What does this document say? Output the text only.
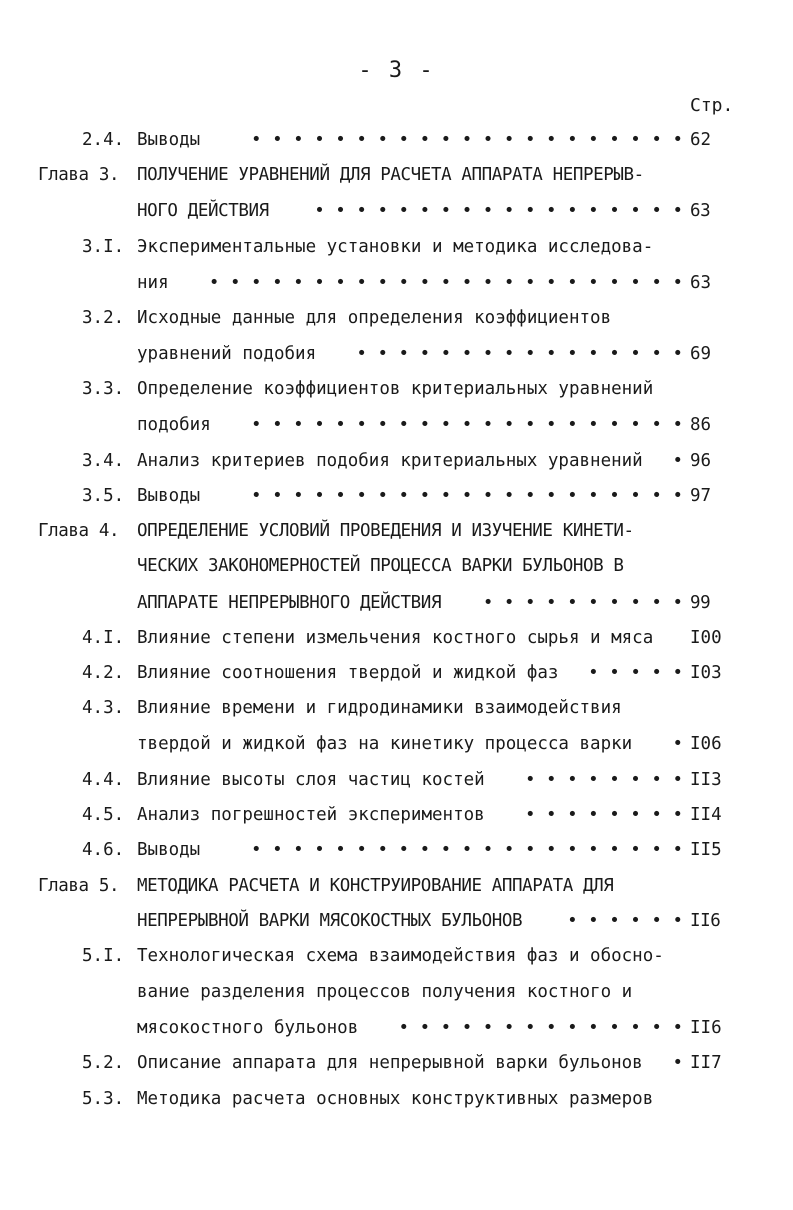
- 3 -
Стр.
2.4. Выводы	• • • • • • • • • • • • • • • • • • • • • 62
Глава 3. ПОЛУЧЕНИЕ УРАВНЕНИЙ ДЛЯ РАСЧЕТА АППАРАТА НЕПРЕРЫВ-
НОГО ДЕЙСТВИЯ	• • • • • • • • • • • • • • • • • • 63
3.I. Экспериментальные установки и методика исследова-
ния	• • • • • • • • • • • • • • • • • • • • • • • 63
3.2. Исходные данные для определения коэффициентов
уравнений подобия	• • • • • • • • • • • • • • • • 69
3.3. Определение коэффициентов критериальных уравнений
подобия	• • • • • • • • • • • • • • • • • • • • • 86
3.4. Анализ критериев подобия критериальных уравнений	• 96
3.5. Выводы	• • • • • • • • • • • • • • • • • • • • • 97
Глава 4. ОПРЕДЕЛЕНИЕ УСЛОВИЙ ПРОВЕДЕНИЯ И ИЗУЧЕНИЕ КИНЕТИ-
ЧЕСКИХ ЗАКОНОМЕРНОСТЕЙ ПРОЦЕССА ВАРКИ БУЛЬОНОВ В
АППАРАТЕ НЕПРЕРЫВНОГО ДЕЙСТВИЯ	• • • • • • • • • • 99
4.I. Влияние степени измельчения костного сырья и мяса I00
4.2. Влияние соотношения твердой и жидкой фаз	• • • • • I03
4.3. Влияние времени и гидродинамики взаимодействия
твердой и жидкой фаз на кинетику процесса варки	• I06
4.4. Влияние высоты слоя частиц костей	• • • • • • • • II3
4.5. Анализ погрешностей экспериментов	• • • • • • • • II4
4.6. Выводы	• • • • • • • • • • • • • • • • • • • • • II5
Глава 5. МЕТОДИКА РАСЧЕТА И КОНСТРУИРОВАНИЕ АППАРАТА ДЛЯ
НЕПРЕРЫВНОЙ ВАРКИ МЯСОКОСТНЫХ БУЛЬОНОВ	• • • • • • II6
5.I. Технологическая схема взаимодействия фаз и обосно-
вание разделения процессов получения костного и
мясокостного бульонов	• • • • • • • • • • • • • • II6
5.2. Описание аппарата для непрерывной варки бульонов	• II7
5.3. Методика расчета основных конструктивных размеров
